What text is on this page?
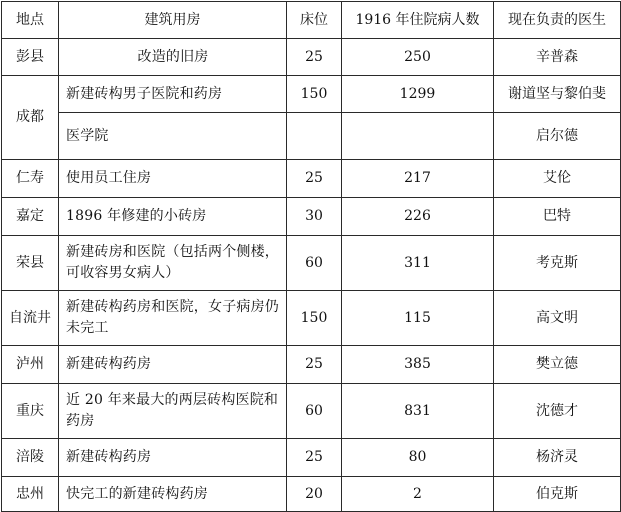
地点	建筑用房	床位	1916 年住院病人数	现在负责的医生
彭县	改造的旧房	25	250	辛普森
成都	新建砖构男子医院和药房	150	1299	谢道坚与黎伯斐
	医学院			启尔德
仁寿	使用员工住房	25	217	艾伦
嘉定	1896 年修建的小砖房	30	226	巴特
荣县	新建砖房和医院（包括两个侧楼，可收容男女病人）	60	311	考克斯
自流井	新建砖构药房和医院，女子病房仍未完工	150	115	高文明
泸州	新建砖构药房	25	385	樊立德
重庆	近 20 年来最大的两层砖构医院和药房	60	831	沈德才
涪陵	新建砖构药房	25	80	杨济灵
忠州	快完工的新建砖构药房	20	2	伯克斯
